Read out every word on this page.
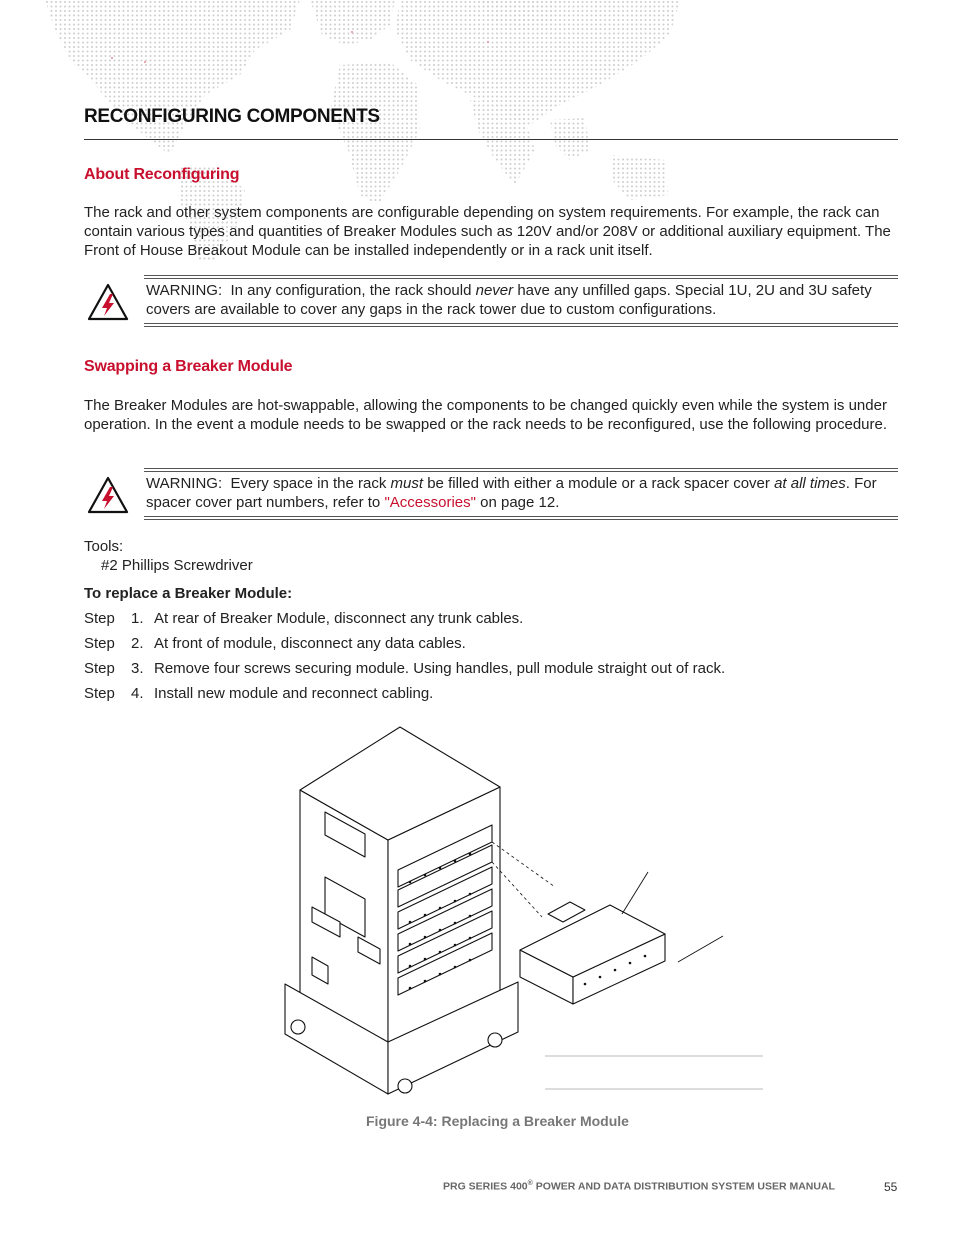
RECONFIGURING COMPONENTS
About Reconfiguring

The rack and other system components are configurable depending on system requirements. For example, the rack can contain various types and quantities of Breaker Modules such as 120V and/or 208V or additional auxiliary equipment. The Front of House Breakout Module can be installed independently or in a rack unit itself.

WARNING: In any configuration, the rack should never have any unfilled gaps. Special 1U, 2U and 3U safety covers are available to cover any gaps in the rack tower due to custom configurations.
Swapping a Breaker Module

The Breaker Modules are hot-swappable, allowing the components to be changed quickly even while the system is under operation. In the event a module needs to be swapped or the rack needs to be reconfigured, use the following procedure.

WARNING: Every space in the rack must be filled with either a module or a rack spacer cover at all times. For spacer cover part numbers, refer to "Accessories" on page 12.
Tools:
#2 Phillips Screwdriver
To replace a Breaker Module:
Step 1. At rear of Breaker Module, disconnect any trunk cables.
Step 2. At front of module, disconnect any data cables.
Step 3. Remove four screws securing module. Using handles, pull module straight out of rack.
Step 4. Install new module and reconnect cabling.
Figure 4-4: Replacing a Breaker Module
PRG SERIES 400® POWER AND DATA DISTRIBUTION SYSTEM USER MANUAL	55
